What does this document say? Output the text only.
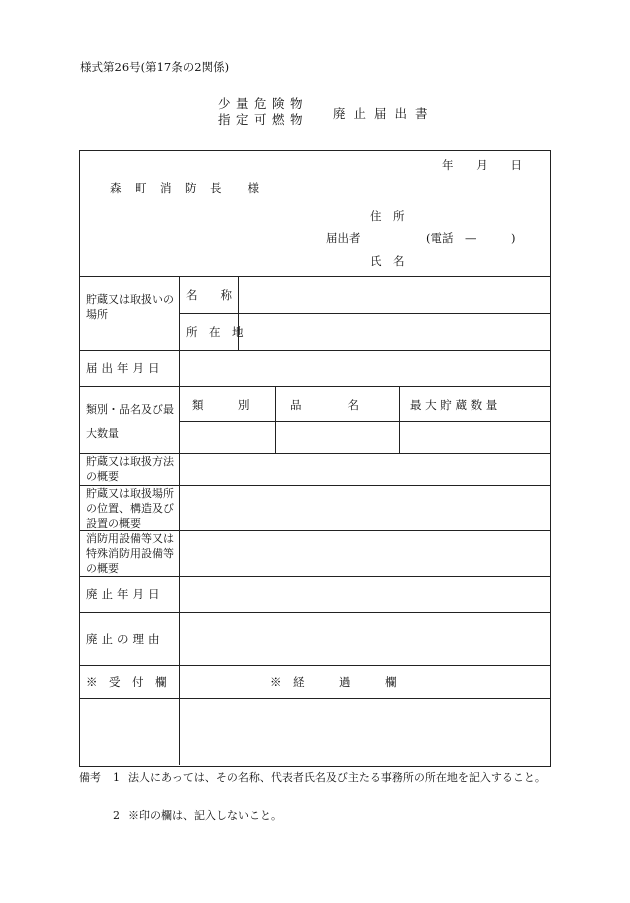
様式第26号(第17条の2関係)
少量危険物
指定可燃物 廃止届出書
年 月 日
森　町　消　防　長　　様
住　所
届出者	(電話　—　　　)
氏　名
貯蔵又は取扱いの場所
名　　称
所　在　地
届出年月日
類別・品名及び最大数量
類　　　別	品　　　　名	最 大 貯 蔵 数 量
貯蔵又は取扱方法の概要
貯蔵又は取扱場所の位置、構造及び設置の概要
消防用設備等又は特殊消防用設備等の概要
廃止年月日
廃止の理由
※　受　付　欄	※　経　　　過　　　欄
備考 1 法人にあっては、その名称、代表者氏名及び主たる事務所の所在地を記入すること。
2 ※印の欄は、記入しないこと。
